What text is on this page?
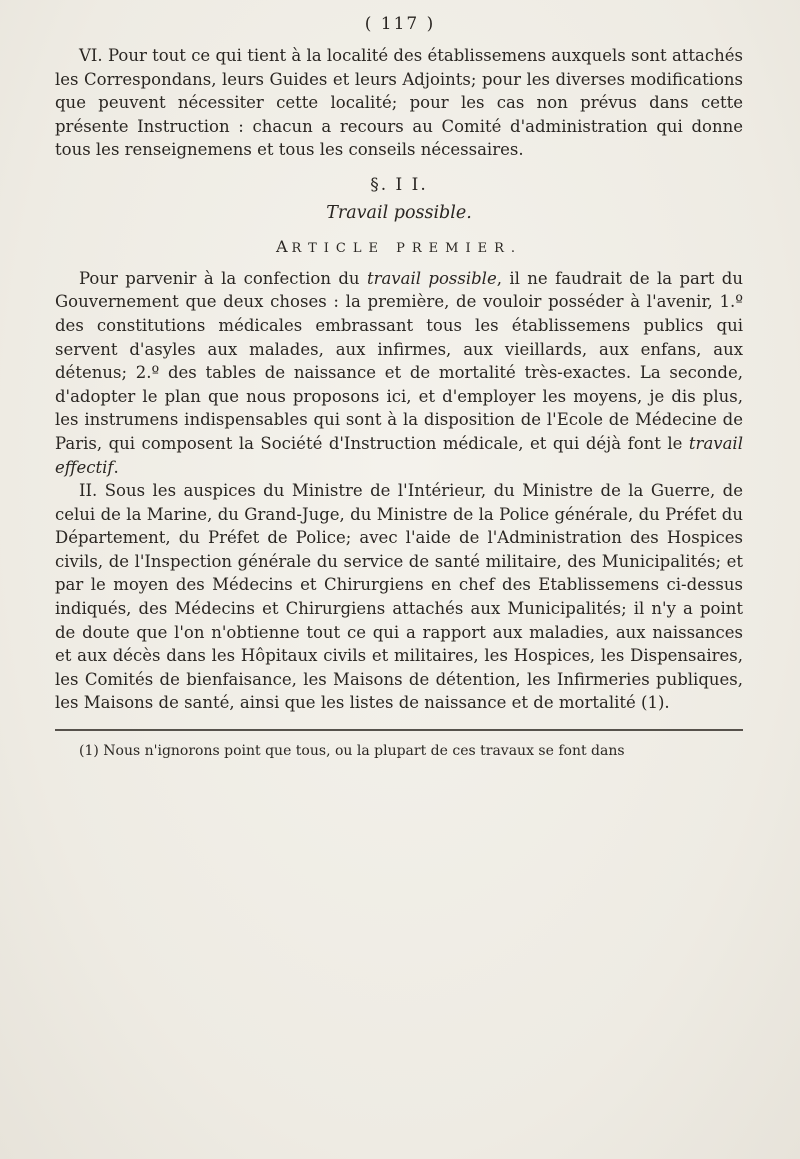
( 117 )

VI. Pour tout ce qui tient à la localité des établissemens auxquels sont attachés les Correspondans, leurs Guides et leurs Adjoints; pour les diverses modifications que peuvent nécessiter cette localité; pour les cas non prévus dans cette présente Instruction : chacun a recours au Comité d'administration qui donne tous les renseignemens et tous les conseils nécessaires.

§. I I.

Travail possible.

ARTICLE PREMIER.

Pour parvenir à la confection du travail possible, il ne faudrait de la part du Gouvernement que deux choses : la première, de vouloir posséder à l'avenir, 1.º des constitutions médicales embrassant tous les établissemens publics qui servent d'asyles aux malades, aux infirmes, aux vieillards, aux enfans, aux détenus; 2.º des tables de naissance et de mortalité très-exactes. La seconde, d'adopter le plan que nous proposons ici, et d'employer les moyens, je dis plus, les instrumens indispensables qui sont à la disposition de l'Ecole de Médecine de Paris, qui composent la Société d'Instruction médicale, et qui déjà font le travail effectif.

II. Sous les auspices du Ministre de l'Intérieur, du Ministre de la Guerre, de celui de la Marine, du Grand-Juge, du Ministre de la Police générale, du Préfet du Département, du Préfet de Police; avec l'aide de l'Administration des Hospices civils, de l'Inspection générale du service de santé militaire, des Municipalités; et par le moyen des Médecins et Chirurgiens en chef des Etablissemens ci-dessus indiqués, des Médecins et Chirurgiens attachés aux Municipalités; il n'y a point de doute que l'on n'obtienne tout ce qui a rapport aux maladies, aux naissances et aux décès dans les Hôpitaux civils et militaires, les Hospices, les Dispensaires, les Comités de bienfaisance, les Maisons de détention, les Infirmeries publiques, les Maisons de santé, ainsi que les listes de naissance et de mortalité (1).

(1) Nous n'ignorons point que tous, ou la plupart de ces travaux se font dans
